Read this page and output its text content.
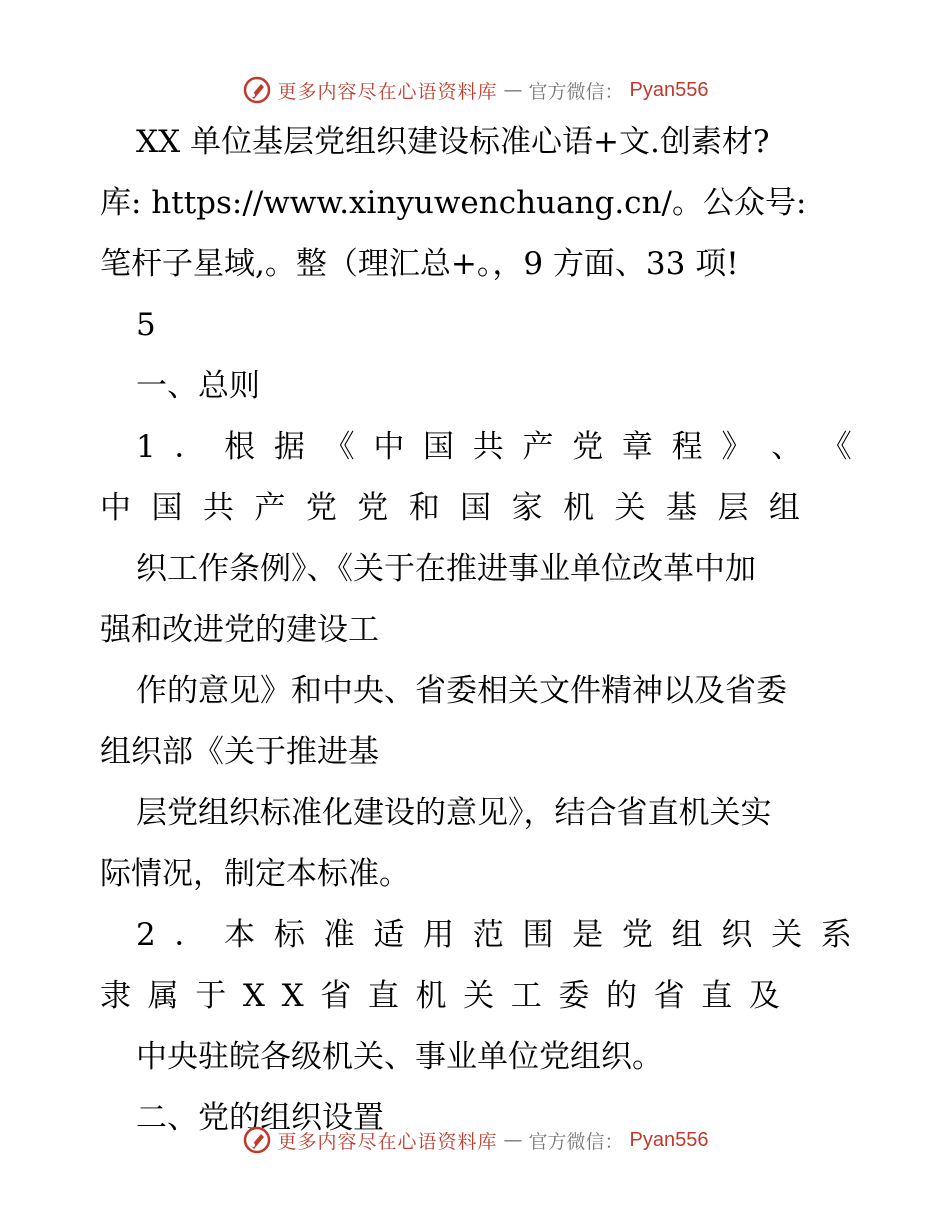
更多内容尽在心语资料库 — 官方微信： Pyan556
XX 单位基层党组织建设标准心语+文.创素材?
库: https://www.xinyuwenchuang.cn/。公众号:
笔杆子星域,。整（理汇总+。，9 方面、33 项!
5
一、总则
1 ． 根 据 《 中 国 共 产 党 章 程 》 、 《
中 国 共 产 党 党 和 国 家 机 关 基 层 组
织工作条例》、《关于在推进事业单位改革中加
强和改进党的建设工
作的意见》和中央、省委相关文件精神以及省委
组织部《关于推进基
层党组织标准化建设的意见》，结合省直机关实
际情况，制定本标准。
2 ． 本 标 准 适 用 范 围 是 党 组 织 关 系
隶 属 于 X X 省 直 机 关 工 委 的 省 直 及
中央驻皖各级机关、事业单位党组织。
二、党的组织设置
更多内容尽在心语资料库 — 官方微信： Pyan556
